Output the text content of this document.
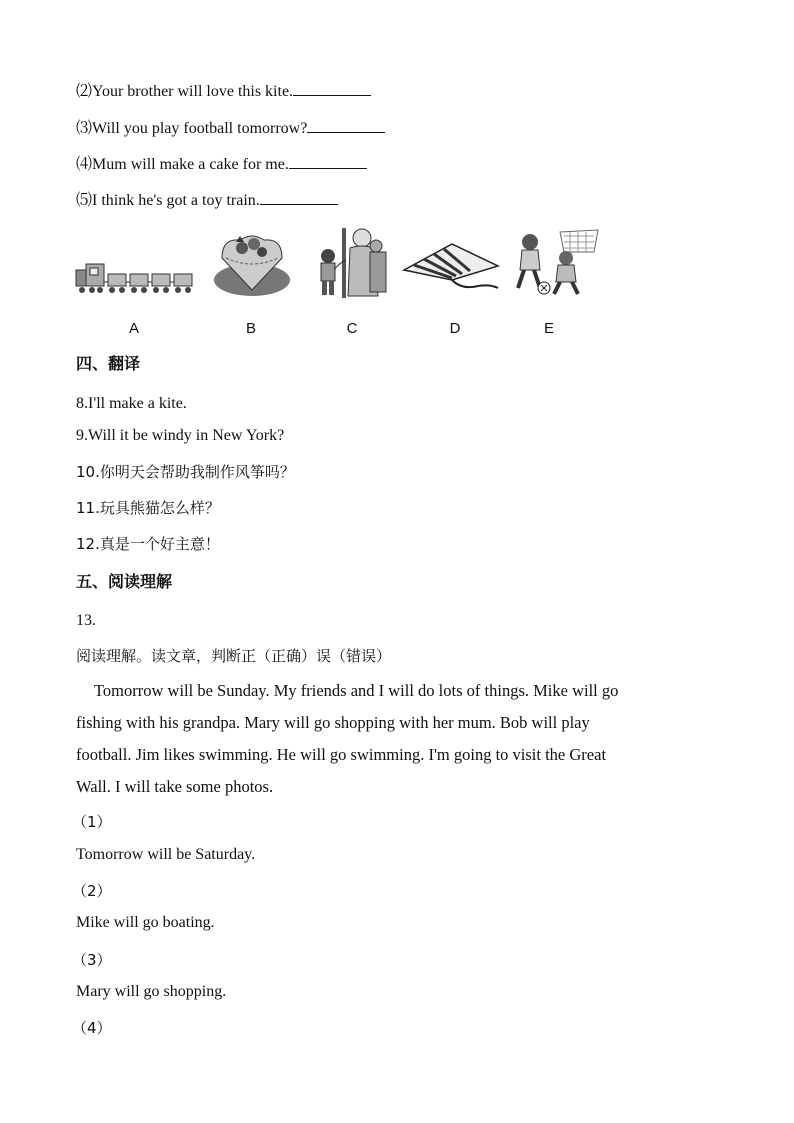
⑵Your brother will love this kite.
⑶Will you play football tomorrow?
⑷Mum will make a cake for me.
⑸I think he's got a toy train.
A	B	C	D	E
四、翻译
8.I'll make a kite.
9.Will it be windy in New York?
10.你明天会帮助我制作风筝吗？
11.玩具熊猫怎么样？
12.真是一个好主意！
五、阅读理解
13.
阅读理解。读文章，判断正（正确）误（错误）
Tomorrow will be Sunday. My friends and I will do lots of things. Mike will go
fishing with his grandpa. Mary will go shopping with her mum. Bob will play
football. Jim likes swimming. He will go swimming. I'm going to visit the Great
Wall. I will take some photos.
（1）
Tomorrow will be Saturday.
（2）
Mike will go boating.
（3）
Mary will go shopping.
（4）
